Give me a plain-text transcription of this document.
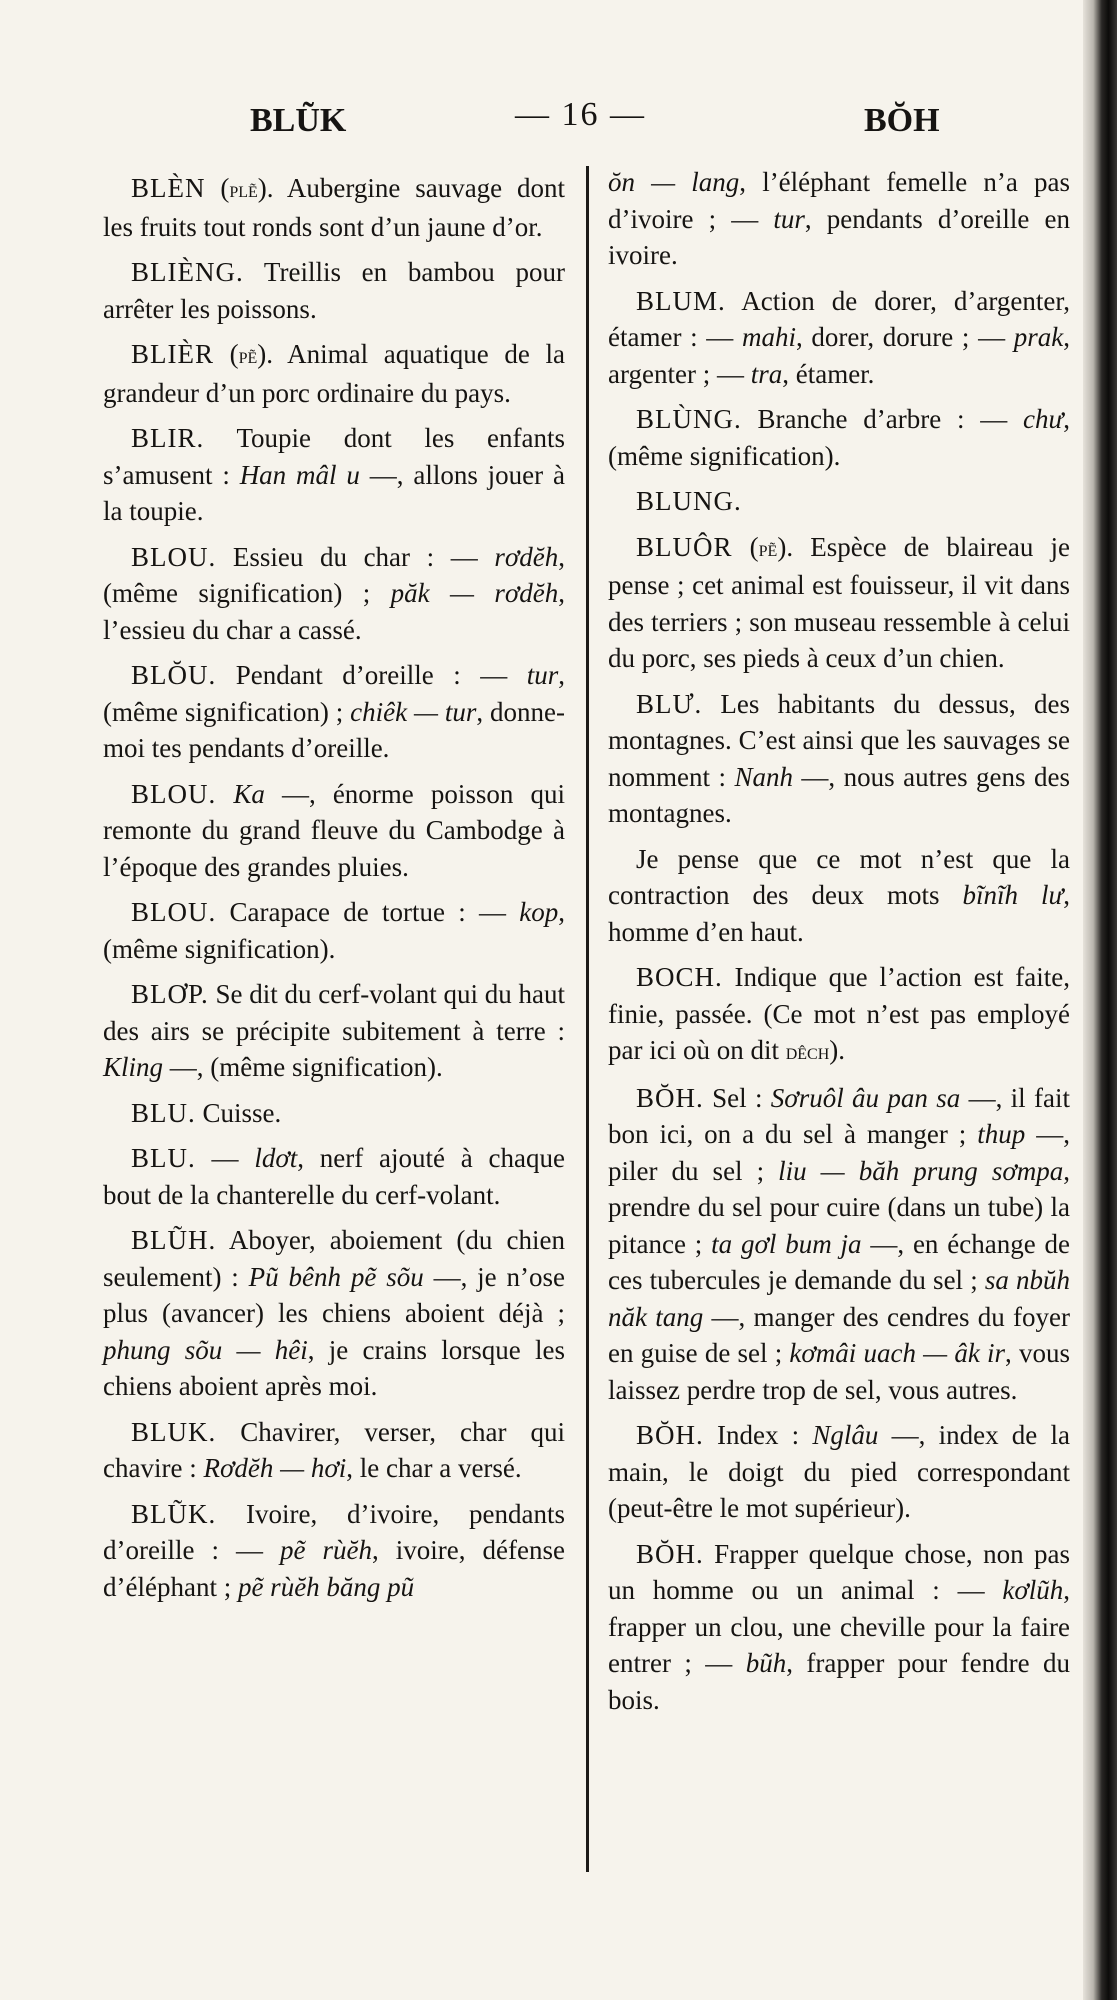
BLŨK	— 16 —	BŎH

BLÈN (plẽ). Aubergine sauvage dont les fruits tout ronds sont d’un jaune d’or.

BLIÈNG. Treillis en bambou pour arrêter les poissons.

BLIÈR (pẽ). Animal aquatique de la grandeur d’un porc ordinaire du pays.

BLIR. Toupie dont les enfants s’amusent : Han mâl u —, allons jouer à la toupie.

BLOU. Essieu du char : — rơdĕh, (même signification) ; păk — rơdĕh, l’essieu du char a cassé.

BLŎU. Pendant d’oreille : — tur, (même signification) ; chiêk — tur, donne-moi tes pendants d’oreille.

BLOU. Ka —, énorme poisson qui remonte du grand fleuve du Cambodge à l’époque des grandes pluies.

BLOU. Carapace de tortue : — kop, (même signification).

BLƠP. Se dit du cerf-volant qui du haut des airs se précipite subitement à terre : Kling —, (même signification).

BLU. Cuisse.

BLU. — ldơt, nerf ajouté à chaque bout de la chanterelle du cerf-volant.

BLŨH. Aboyer, aboiement (du chien seulement) : Pũ bênh pẽ sõu —, je n’ose plus (avancer) les chiens aboient déjà ; phung sõu — hêi, je crains lorsque les chiens aboient après moi.

BLUK. Chavirer, verser, char qui chavire : Rơdĕh — hơi, le char a versé.

BLŨK. Ivoire, d’ivoire, pendants d’oreille : — pẽ rùĕh, ivoire, défense d’éléphant ; pẽ rùĕh băng pũ

ŏn — lang, l’éléphant femelle n’a pas d’ivoire ; — tur, pendants d’oreille en ivoire.

BLUM. Action de dorer, d’argenter, étamer : — mahi, dorer, dorure ; — prak, argenter ; — tra, étamer.

BLÙNG. Branche d’arbre : — chư, (même signification).

BLUNG.

BLUÔR (pẽ). Espèce de blaireau je pense ; cet animal est fouisseur, il vit dans des terriers ; son museau ressemble à celui du porc, ses pieds à ceux d’un chien.

BLƯ. Les habitants du dessus, des montagnes. C’est ainsi que les sauvages se nomment : Nanh —, nous autres gens des montagnes.

Je pense que ce mot n’est que la contraction des deux mots bĩnĩh lư, homme d’en haut.

BOCH. Indique que l’action est faite, finie, passée. (Ce mot n’est pas employé par ici où on dit dêch).

BŎH. Sel : Sơruôl âu pan sa —, il fait bon ici, on a du sel à manger ; thup —, piler du sel ; liu — băh prung sơmpa, prendre du sel pour cuire (dans un tube) la pitance ; ta gơl bum ja —, en échange de ces tubercules je demande du sel ; sa nbŭh năk tang —, manger des cendres du foyer en guise de sel ; kơmâi uach — âk ir, vous laissez perdre trop de sel, vous autres.

BŎH. Index : Nglâu —, index de la main, le doigt du pied correspondant (peut-être le mot supérieur).

BŎH. Frapper quelque chose, non pas un homme ou un animal : — kơlũh, frapper un clou, une cheville pour la faire entrer ; — bũh, frapper pour fendre du bois.
